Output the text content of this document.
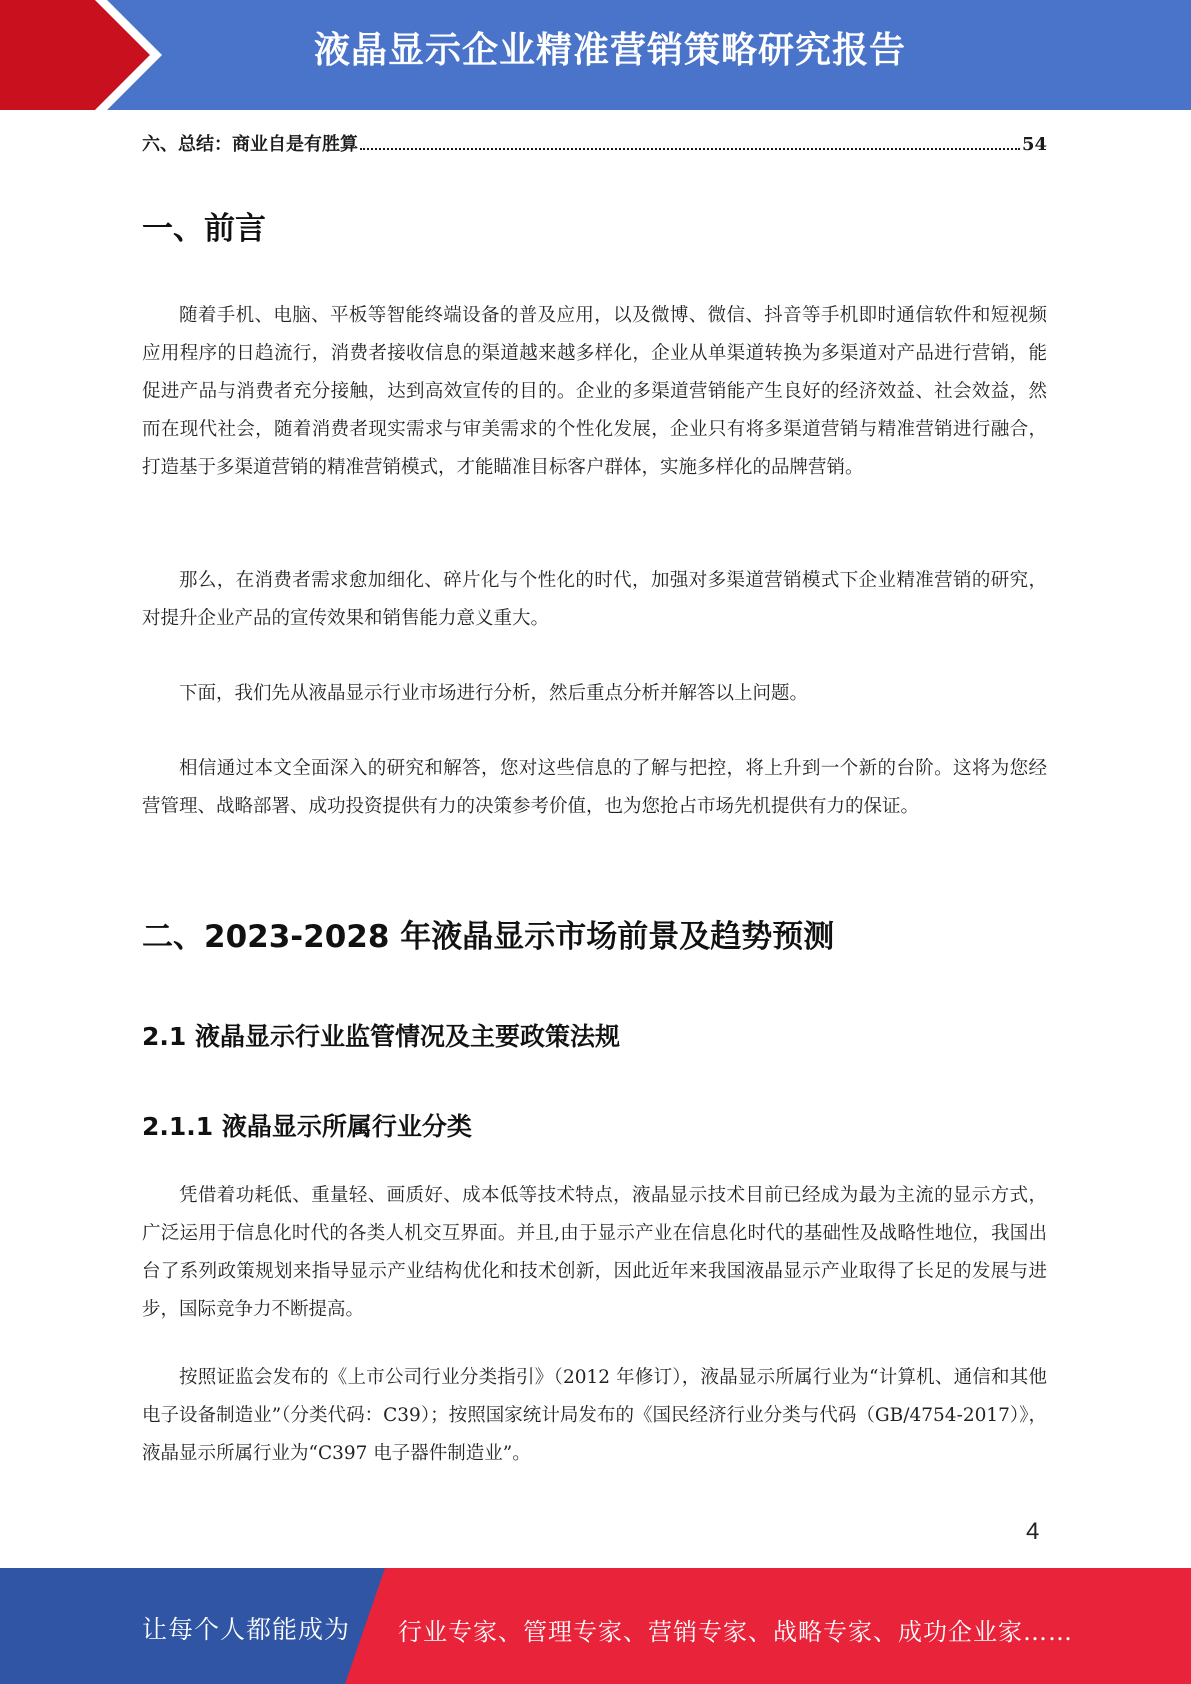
液晶显示企业精准营销策略研究报告
六、总结：商业自是有胜算	54
一、前言

随着手机、电脑、平板等智能终端设备的普及应用，以及微博、微信、抖音等手机即时通信软件和短视频应用程序的日趋流行，消费者接收信息的渠道越来越多样化，企业从单渠道转换为多渠道对产品进行营销，能促进产品与消费者充分接触，达到高效宣传的目的。企业的多渠道营销能产生良好的经济效益、社会效益，然而在现代社会，随着消费者现实需求与审美需求的个性化发展，企业只有将多渠道营销与精准营销进行融合，打造基于多渠道营销的精准营销模式，才能瞄准目标客户群体，实施多样化的品牌营销。

那么，在消费者需求愈加细化、碎片化与个性化的时代，加强对多渠道营销模式下企业精准营销的研究，对提升企业产品的宣传效果和销售能力意义重大。

下面，我们先从液晶显示行业市场进行分析，然后重点分析并解答以上问题。

相信通过本文全面深入的研究和解答，您对这些信息的了解与把控，将上升到一个新的台阶。这将为您经营管理、战略部署、成功投资提供有力的决策参考价值，也为您抢占市场先机提供有力的保证。

二、2023-2028 年液晶显示市场前景及趋势预测
2.1 液晶显示行业监管情况及主要政策法规
2.1.1 液晶显示所属行业分类

凭借着功耗低、重量轻、画质好、成本低等技术特点，液晶显示技术目前已经成为最为主流的显示方式，广泛运用于信息化时代的各类人机交互界面。并且,由于显示产业在信息化时代的基础性及战略性地位，我国出台了系列政策规划来指导显示产业结构优化和技术创新，因此近年来我国液晶显示产业取得了长足的发展与进步，国际竞争力不断提高。

按照证监会发布的《上市公司行业分类指引》（2012 年修订），液晶显示所属行业为“计算机、通信和其他电子设备制造业”（分类代码：C39）；按照国家统计局发布的《国民经济行业分类与代码（GB/4754-2017）》，液晶显示所属行业为“C397 电子器件制造业”。

4
让每个人都能成为 行业专家、管理专家、营销专家、战略专家、成功企业家……
